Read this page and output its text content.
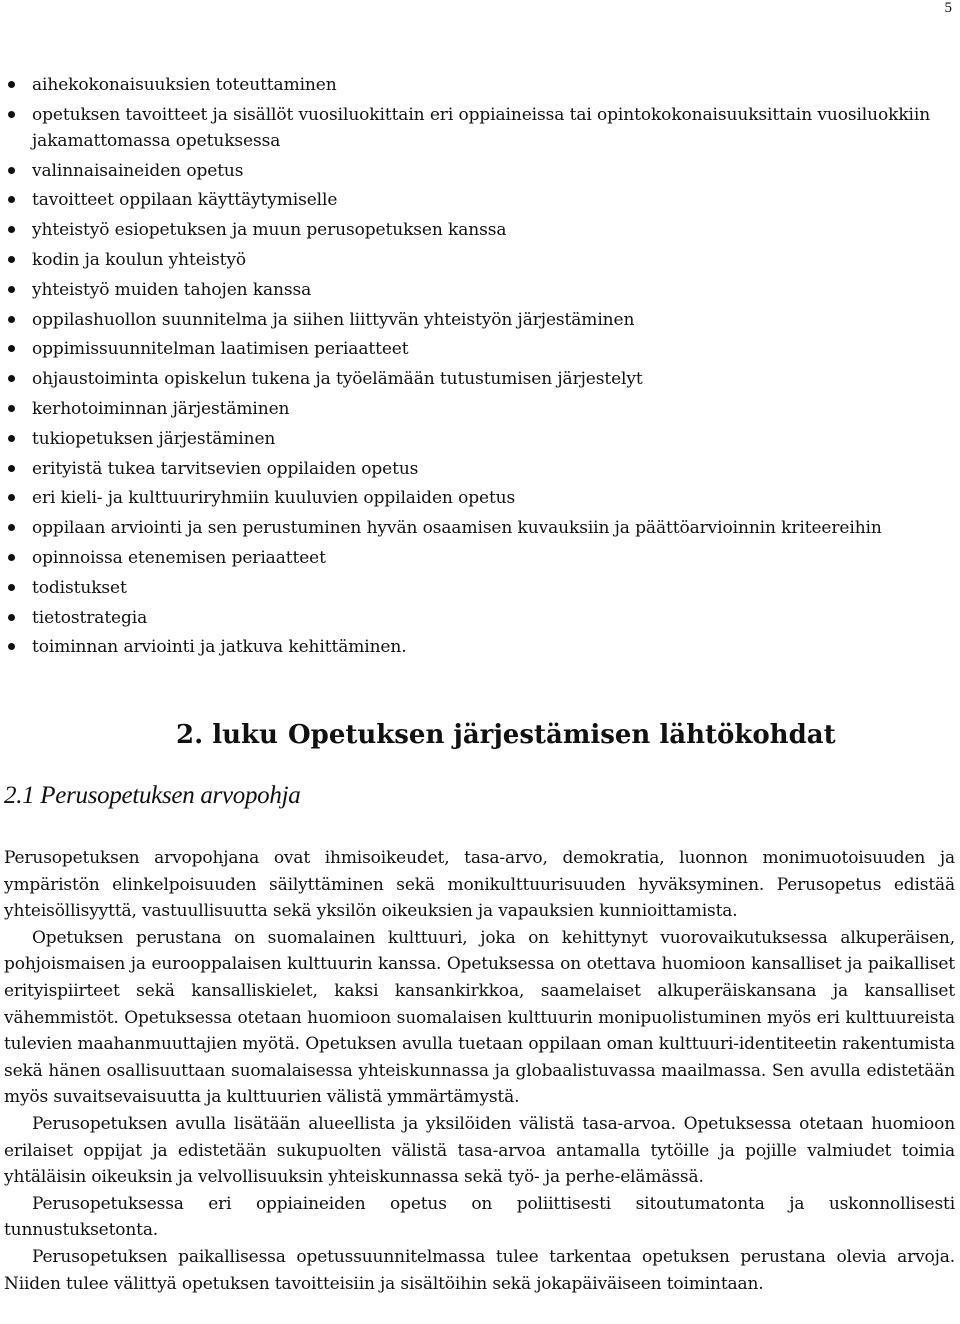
5
aihekokonaisuuksien toteuttaminen
opetuksen tavoitteet ja sisällöt vuosiluokittain eri oppiaineissa tai opintokokonaisuuksittain vuosiluokkiin jakamattomassa opetuksessa
valinnaisaineiden opetus
tavoitteet oppilaan käyttäytymiselle
yhteistyö esiopetuksen ja muun perusopetuksen kanssa
kodin ja koulun yhteistyö
yhteistyö muiden tahojen kanssa
oppilashuollon suunnitelma ja siihen liittyvän yhteistyön järjestäminen
oppimissuunnitelman laatimisen periaatteet
ohjaustoiminta opiskelun tukena ja työelämään tutustumisen järjestelyt
kerhotoiminnan järjestäminen
tukiopetuksen järjestäminen
erityistä tukea tarvitsevien oppilaiden opetus
eri kieli- ja kulttuuriryhmiin kuuluvien oppilaiden opetus
oppilaan arviointi ja sen perustuminen hyvän osaamisen kuvauksiin ja päättöarvioinnin kriteereihin
opinnoissa etenemisen periaatteet
todistukset
tietostrategia
toiminnan arviointi ja jatkuva kehittäminen.
2. luku Opetuksen järjestämisen lähtökohdat
2.1 Perusopetuksen arvopohja

Perusopetuksen arvopohjana ovat ihmisoikeudet, tasa-arvo, demokratia, luonnon monimuotoisuuden ja ympäristön elinkelpoisuuden säilyttäminen sekä monikulttuurisuuden hyväksyminen. Perusopetus edistää yhteisöllisyyttä, vastuullisuutta sekä yksilön oikeuksien ja vapauksien kunnioittamista.

Opetuksen perustana on suomalainen kulttuuri, joka on kehittynyt vuorovaikutuksessa alkuperäisen, pohjoismaisen ja eurooppalaisen kulttuurin kanssa. Opetuksessa on otettava huomioon kansalliset ja paikalliset erityispiirteet sekä kansalliskielet, kaksi kansankirkkoa, saamelaiset alkuperäiskansana ja kansalliset vähemmistöt. Opetuksessa otetaan huomioon suomalaisen kulttuurin monipuolistuminen myös eri kulttuureista tulevien maahanmuuttajien myötä. Opetuksen avulla tuetaan oppilaan oman kulttuuri-identiteetin rakentumista sekä hänen osallisuuttaan suomalaisessa yhteiskunnassa ja globaalistuvassa maailmassa. Sen avulla edistetään myös suvaitsevaisuutta ja kulttuurien välistä ymmärtämystä.

Perusopetuksen avulla lisätään alueellista ja yksilöiden välistä tasa-arvoa. Opetuksessa otetaan huomioon erilaiset oppijat ja edistetään sukupuolten välistä tasa-arvoa antamalla tytöille ja pojille valmiudet toimia yhtäläisin oikeuksin ja velvollisuuksin yhteiskunnassa sekä työ- ja perhe-elämässä.

Perusopetuksessa eri oppiaineiden opetus on poliittisesti sitoutumatonta ja uskonnollisesti tunnustuksetonta.

Perusopetuksen paikallisessa opetussuunnitelmassa tulee tarkentaa opetuksen perustana olevia arvoja. Niiden tulee välittyä opetuksen tavoitteisiin ja sisältöihin sekä jokapäiväiseen toimintaan.
